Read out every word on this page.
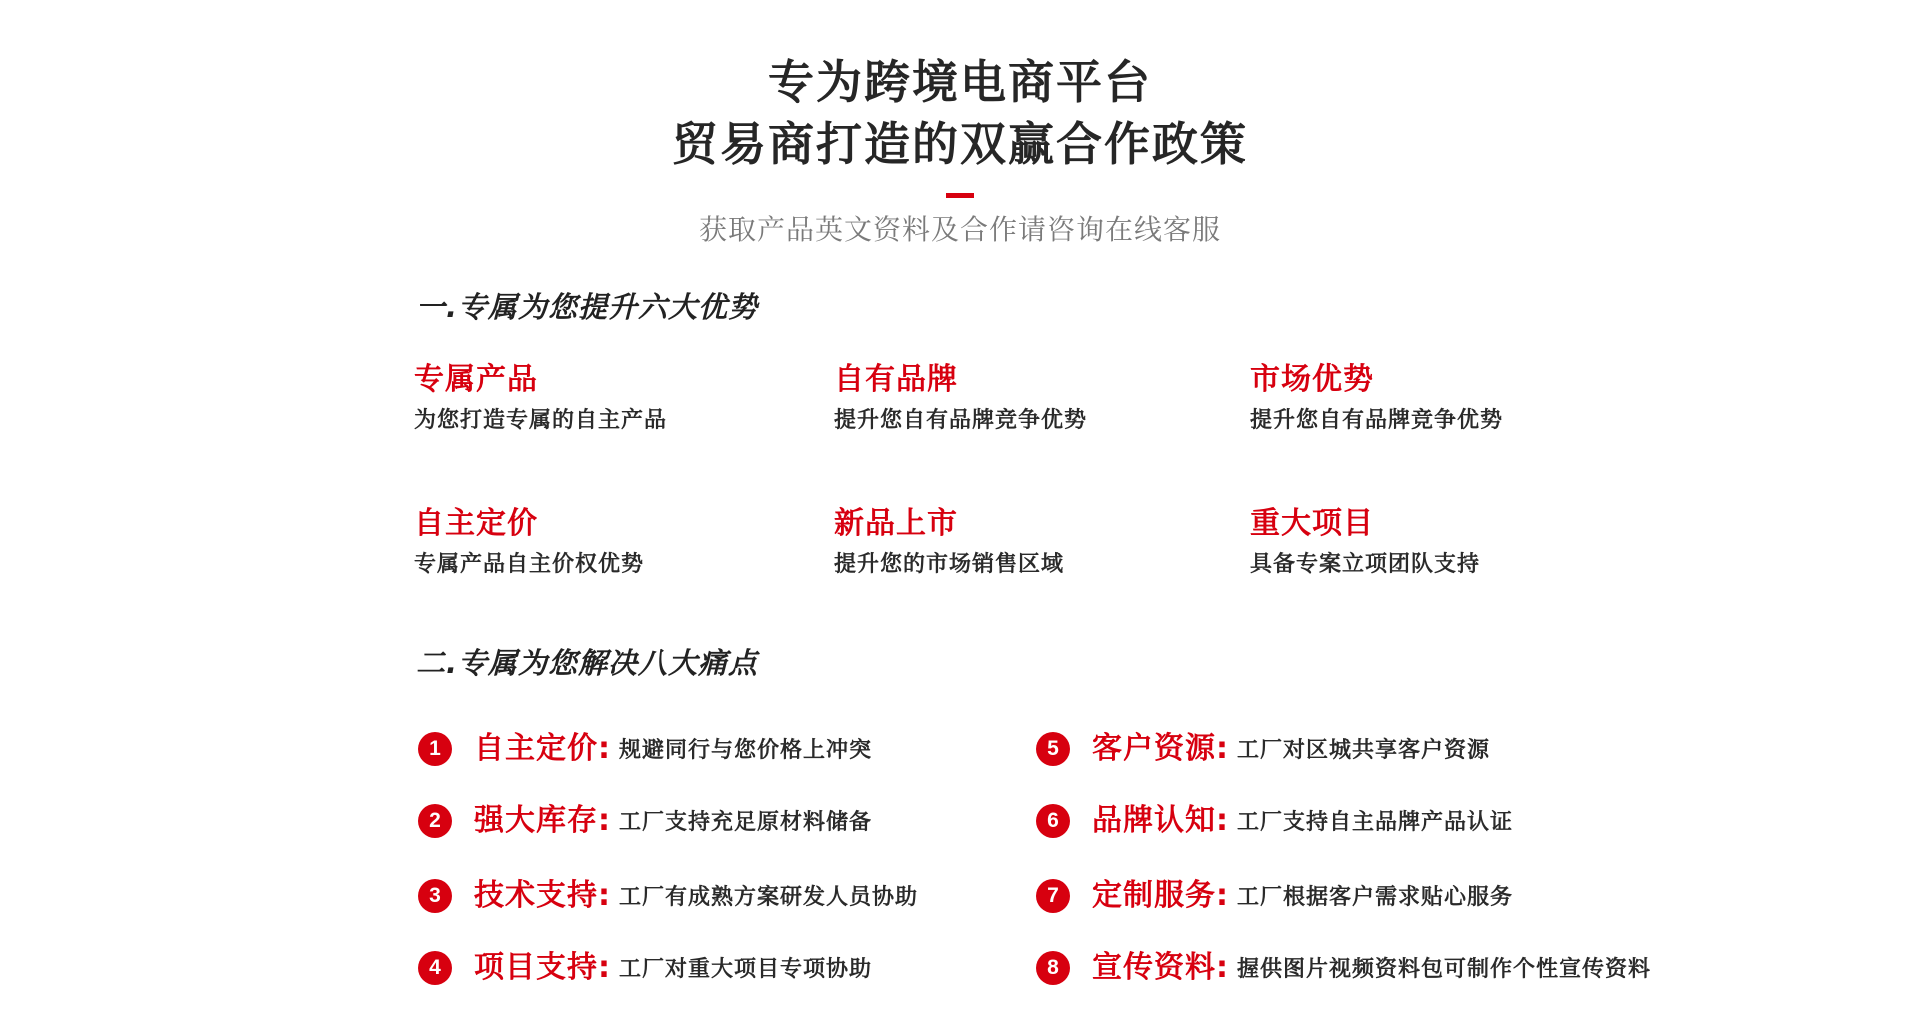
专为跨境电商平台
贸易商打造的双赢合作政策
获取产品英文资料及合作请咨询在线客服
一.专属为您提升六大优势
专属产品
为您打造专属的自主产品
自有品牌
提升您自有品牌竞争优势
市场优势
提升您自有品牌竞争优势
自主定价
专属产品自主价权优势
新品上市
提升您的市场销售区域
重大项目
具备专案立项团队支持
二.专属为您解决八大痛点
1	自主定价: 规避同行与您价格上冲突
2	强大库存: 工厂支持充足原材料储备
3	技术支持: 工厂有成熟方案研发人员协助
4	项目支持: 工厂对重大项目专项协助
5	客户资源: 工厂对区城共享客户资源
6	品牌认知: 工厂支持自主品牌产品认证
7	定制服务: 工厂根据客户需求贴心服务
8	宣传资料: 握供图片视频资料包可制作个性宣传资料
